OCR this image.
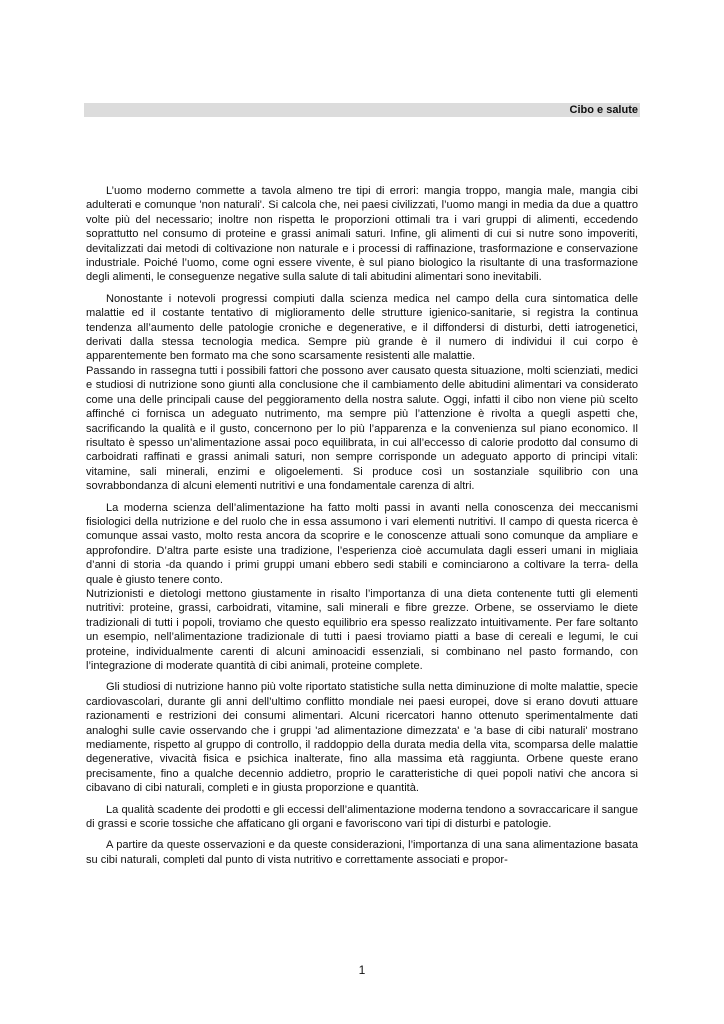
Cibo e salute

L’uomo moderno commette a tavola almeno tre tipi di errori: mangia troppo, mangia male, mangia cibi adulterati e comunque 'non naturali'. Si calcola che, nei paesi civilizzati, l’uomo mangi in media da due a quattro volte più del necessario; inoltre non rispetta le proporzioni ottimali tra i vari gruppi di alimenti, eccedendo soprattutto nel consumo di proteine e grassi animali saturi. Infine, gli alimenti di cui si nutre sono impoveriti, devitalizzati dai metodi di coltivazione non naturale e i processi di raffinazione, trasformazione e conservazione industriale. Poiché l’uomo, come ogni essere vivente, è sul piano biologico la risultante di una trasformazione degli alimenti, le conseguenze negative sulla salute di tali abitudini alimentari sono inevitabili.

Nonostante i notevoli progressi compiuti dalla scienza medica nel campo della cura sintomatica delle malattie ed il costante tentativo di miglioramento delle strutture igienico-sanitarie, si registra la continua tendenza all’aumento delle patologie croniche e degenerative, e il diffondersi di disturbi, detti iatrogenetici, derivati dalla stessa tecnologia medica. Sempre più grande è il numero di individui il cui corpo è apparentemente ben formato ma che sono scarsamente resistenti alle malattie.

Passando in rassegna tutti i possibili fattori che possono aver causato questa situazione, molti scienziati, medici e studiosi di nutrizione sono giunti alla conclusione che il cambiamento delle abitudini alimentari va considerato come una delle principali cause del peggioramento della nostra salute. Oggi, infatti il cibo non viene più scelto affinché ci fornisca un adeguato nutrimento, ma sempre più l’attenzione è rivolta a quegli aspetti che, sacrificando la qualità e il gusto, concernono per lo più l’apparenza e la convenienza sul piano economico. Il risultato è spesso un’alimentazione assai poco equilibrata, in cui all’eccesso di calorie prodotto dal consumo di carboidrati raffinati e grassi animali saturi, non sempre corrisponde un adeguato apporto di principi vitali: vitamine, sali minerali, enzimi e oligoelementi. Si produce così un sostanziale squilibrio con una sovrabbondanza di alcuni elementi nutritivi e una fondamentale carenza di altri.

La moderna scienza dell’alimentazione ha fatto molti passi in avanti nella conoscenza dei meccanismi fisiologici della nutrizione e del ruolo che in essa assumono i vari elementi nutritivi. Il campo di questa ricerca è comunque assai vasto, molto resta ancora da scoprire e le conoscenze attuali sono comunque da ampliare e approfondire. D’altra parte esiste una tradizione, l’esperienza cioè accumulata dagli esseri umani in migliaia d’anni di storia -da quando i primi gruppi umani ebbero sedi stabili e cominciarono a coltivare la terra- della quale è giusto tenere conto.

Nutrizionisti e dietologi mettono giustamente in risalto l’importanza di una dieta contenente tutti gli elementi nutritivi: proteine, grassi, carboidrati, vitamine, sali minerali e fibre grezze. Orbene, se osserviamo le diete tradizionali di tutti i popoli, troviamo che questo equilibrio era spesso realizzato intuitivamente. Per fare soltanto un esempio, nell’alimentazione tradizionale di tutti i paesi troviamo piatti a base di cereali e legumi, le cui proteine, individualmente carenti di alcuni aminoacidi essenziali, si combinano nel pasto formando, con l’integrazione di moderate quantità di cibi animali, proteine complete.

Gli studiosi di nutrizione hanno più volte riportato statistiche sulla netta diminuzione di molte malattie, specie cardiovascolari, durante gli anni dell’ultimo conflitto mondiale nei paesi europei, dove si erano dovuti attuare razionamenti e restrizioni dei consumi alimentari. Alcuni ricercatori hanno ottenuto sperimentalmente dati analoghi sulle cavie osservando che i gruppi 'ad alimentazione dimezzata' e 'a base di cibi naturali' mostrano mediamente, rispetto al gruppo di controllo, il raddoppio della durata media della vita, scomparsa delle malattie degenerative, vivacità fisica e psichica inalterate, fino alla massima età raggiunta. Orbene queste erano precisamente, fino a qualche decennio addietro, proprio le caratteristiche di quei popoli nativi che ancora si cibavano di cibi naturali, completi e in giusta proporzione e quantità.

La qualità scadente dei prodotti e gli eccessi dell’alimentazione moderna tendono a sovraccaricare il sangue di grassi e scorie tossiche che affaticano gli organi e favoriscono vari tipi di disturbi e patologie.

A partire da queste osservazioni e da queste considerazioni, l’importanza di una sana alimentazione basata su cibi naturali, completi dal punto di vista nutritivo e correttamente associati e propor-

1
